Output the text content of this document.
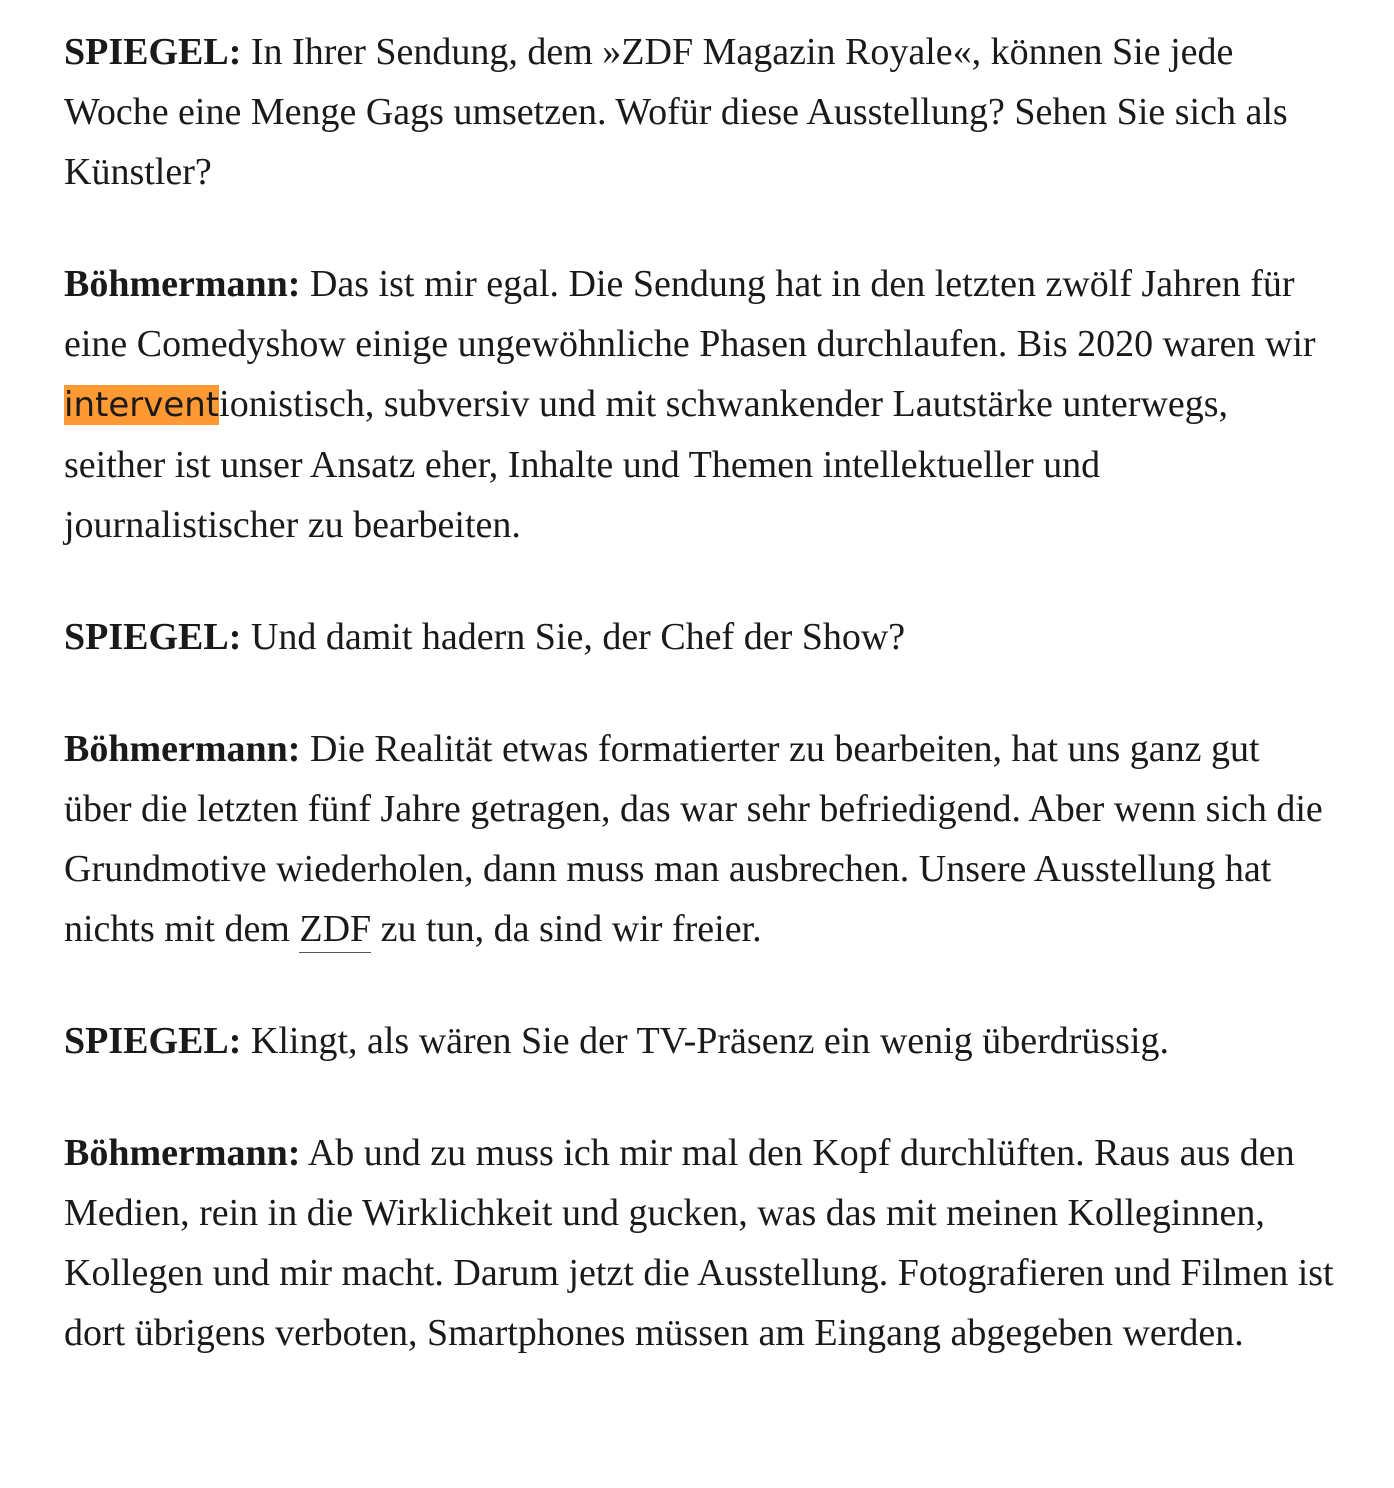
SPIEGEL: In Ihrer Sendung, dem »ZDF Magazin Royale«, können Sie jede Woche eine Menge Gags umsetzen. Wofür diese Ausstellung? Sehen Sie sich als Künstler?

Böhmermann: Das ist mir egal. Die Sendung hat in den letzten zwölf Jahren für eine Comedyshow einige ungewöhnliche Phasen durchlaufen. Bis 2020 waren wir interventionistisch, subversiv und mit schwankender Lautstärke unterwegs, seither ist unser Ansatz eher, Inhalte und Themen intellektueller und journalistischer zu bearbeiten.

SPIEGEL: Und damit hadern Sie, der Chef der Show?

Böhmermann: Die Realität etwas formatierter zu bearbeiten, hat uns ganz gut über die letzten fünf Jahre getragen, das war sehr befriedigend. Aber wenn sich die Grundmotive wiederholen, dann muss man ausbrechen. Unsere Ausstellung hat nichts mit dem ZDF zu tun, da sind wir freier.

SPIEGEL: Klingt, als wären Sie der TV-Präsenz ein wenig überdrüssig.

Böhmermann: Ab und zu muss ich mir mal den Kopf durchlüften. Raus aus den Medien, rein in die Wirklichkeit und gucken, was das mit meinen Kolleginnen, Kollegen und mir macht. Darum jetzt die Ausstellung. Fotografieren und Filmen ist dort übrigens verboten, Smartphones müssen am Eingang abgegeben werden.
